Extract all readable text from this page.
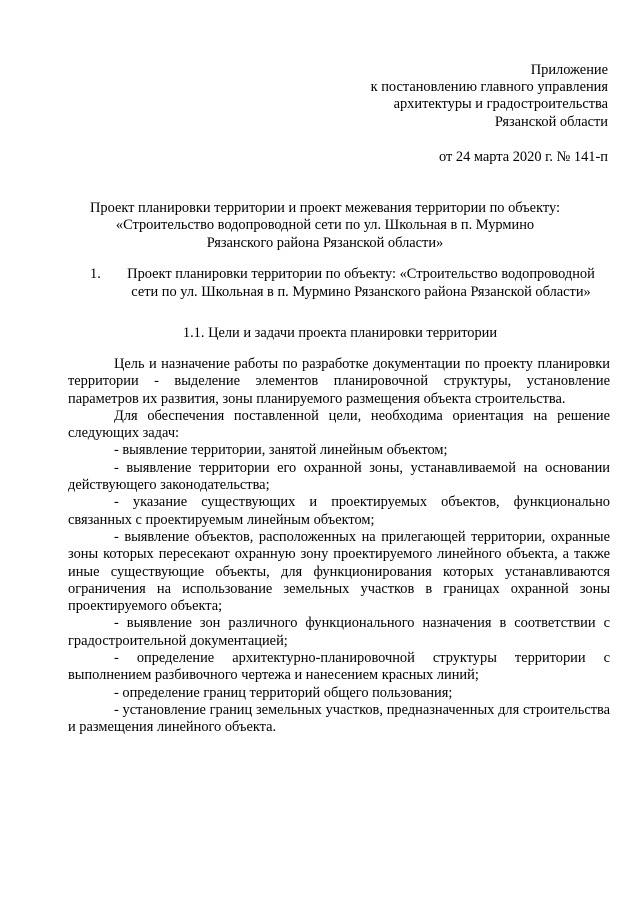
Приложение
к постановлению главного управления
архитектуры и градостроительства
Рязанской области
от 24 марта 2020 г. № 141-п
Проект планировки территории и проект межевания территории по объекту:
«Строительство водопроводной сети по ул. Школьная в п. Мурмино
Рязанского района Рязанской области»
1.	Проект планировки территории по объекту: «Строительство водопроводной
сети по ул. Школьная в п. Мурмино Рязанского района Рязанской области»
1.1. Цели и задачи проекта планировки территории

Цель и назначение работы по разработке документации по проекту планировки территории - выделение элементов планировочной структуры, установление параметров их развития, зоны планируемого размещения объекта строительства.

Для обеспечения поставленной цели, необходима ориентация на решение следующих задач:

- выявление территории, занятой линейным объектом;

- выявление территории его охранной зоны, устанавливаемой на основании действующего законодательства;

- указание существующих и проектируемых объектов, функционально связанных с проектируемым линейным объектом;

- выявление объектов, расположенных на прилегающей территории, охранные зоны которых пересекают охранную зону проектируемого линейного объекта, а также иные существующие объекты, для функционирования которых устанавливаются ограничения на использование земельных участков в границах охранной зоны проектируемого объекта;

- выявление зон различного функционального назначения в соответствии с градостроительной документацией;

- определение архитектурно-планировочной структуры территории с выполнением разбивочного чертежа и нанесением красных линий;

- определение границ территорий общего пользования;

- установление границ земельных участков, предназначенных для строительства и размещения линейного объекта.
